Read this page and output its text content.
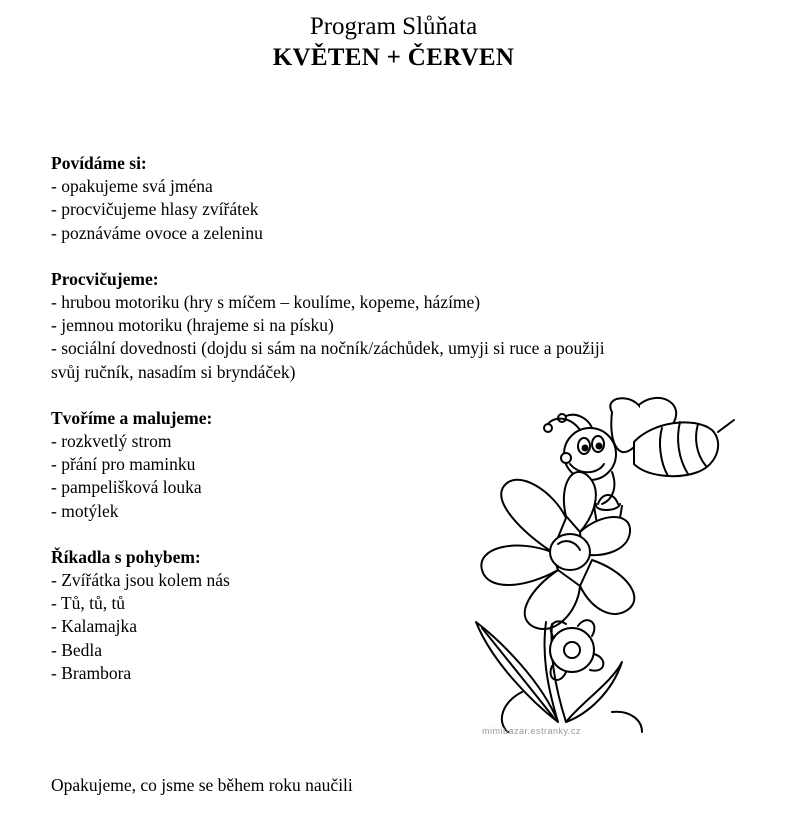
Program Slůňata
KVĚTEN + ČERVEN
Povídáme si:

- opakujeme svá jména

- procvičujeme hlasy zvířátek

- poznáváme ovoce a zeleninu

Procvičujeme:

- hrubou motoriku (hry s míčem – koulíme, kopeme, házíme)

- jemnou motoriku (hrajeme si na písku)

- sociální dovednosti (dojdu si sám na nočník/záchůdek, umyji si ruce a použiji

svůj ručník, nasadím si bryndáček)

Tvoříme a malujeme:

- rozkvetlý strom

- přání pro maminku

- pampelišková louka

- motýlek

Říkadla s pohybem:

- Zvířátka jsou kolem nás

- Tů, tů, tů

- Kalamajka

- Bedla

- Brambora

mimibazar.estranky.cz
Opakujeme, co jsme se během roku naučili
